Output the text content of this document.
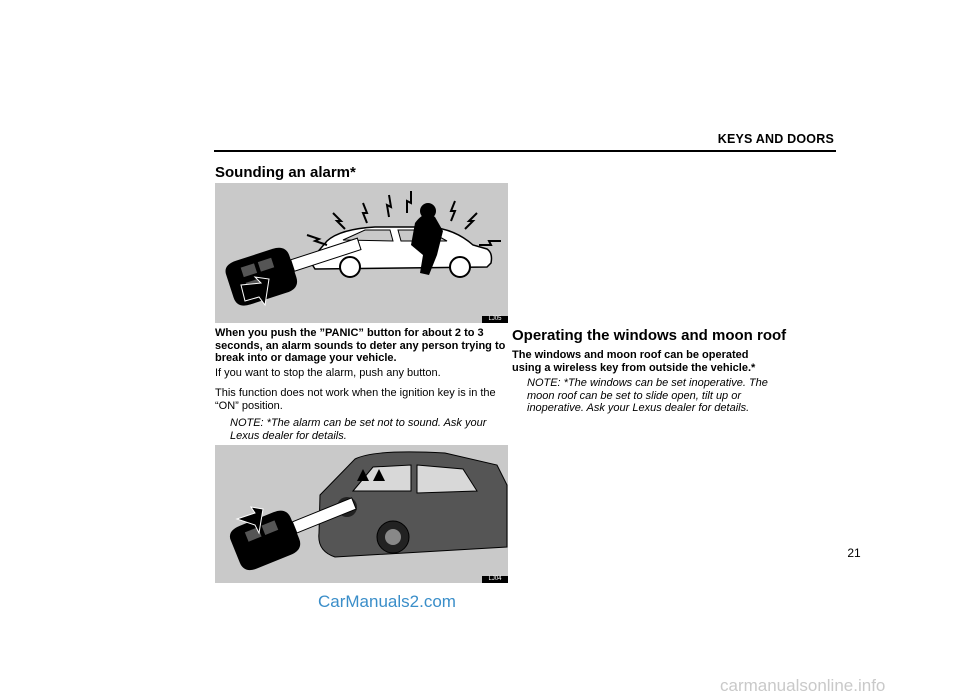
KEYS AND DOORS
Sounding an alarm*
LJ05
When you push the ”PANIC” button for about 2 to 3 seconds, an alarm sounds to deter any person trying to break into or damage your vehicle.
If you want to stop the alarm, push any button.
This function does not work when the ignition key is in the “ON” position.
NOTE: *The alarm can be set not to sound. Ask your Lexus dealer for details.
LJ04
Operating the windows and moon roof
The windows and moon roof can be operated using a wireless key from outside the vehicle.*
NOTE: *The windows can be set inoperative. The moon roof can be set to slide open, tilt up or inoperative. Ask your Lexus dealer for details.
21
CarManuals2.com
carmanualsonline.info
